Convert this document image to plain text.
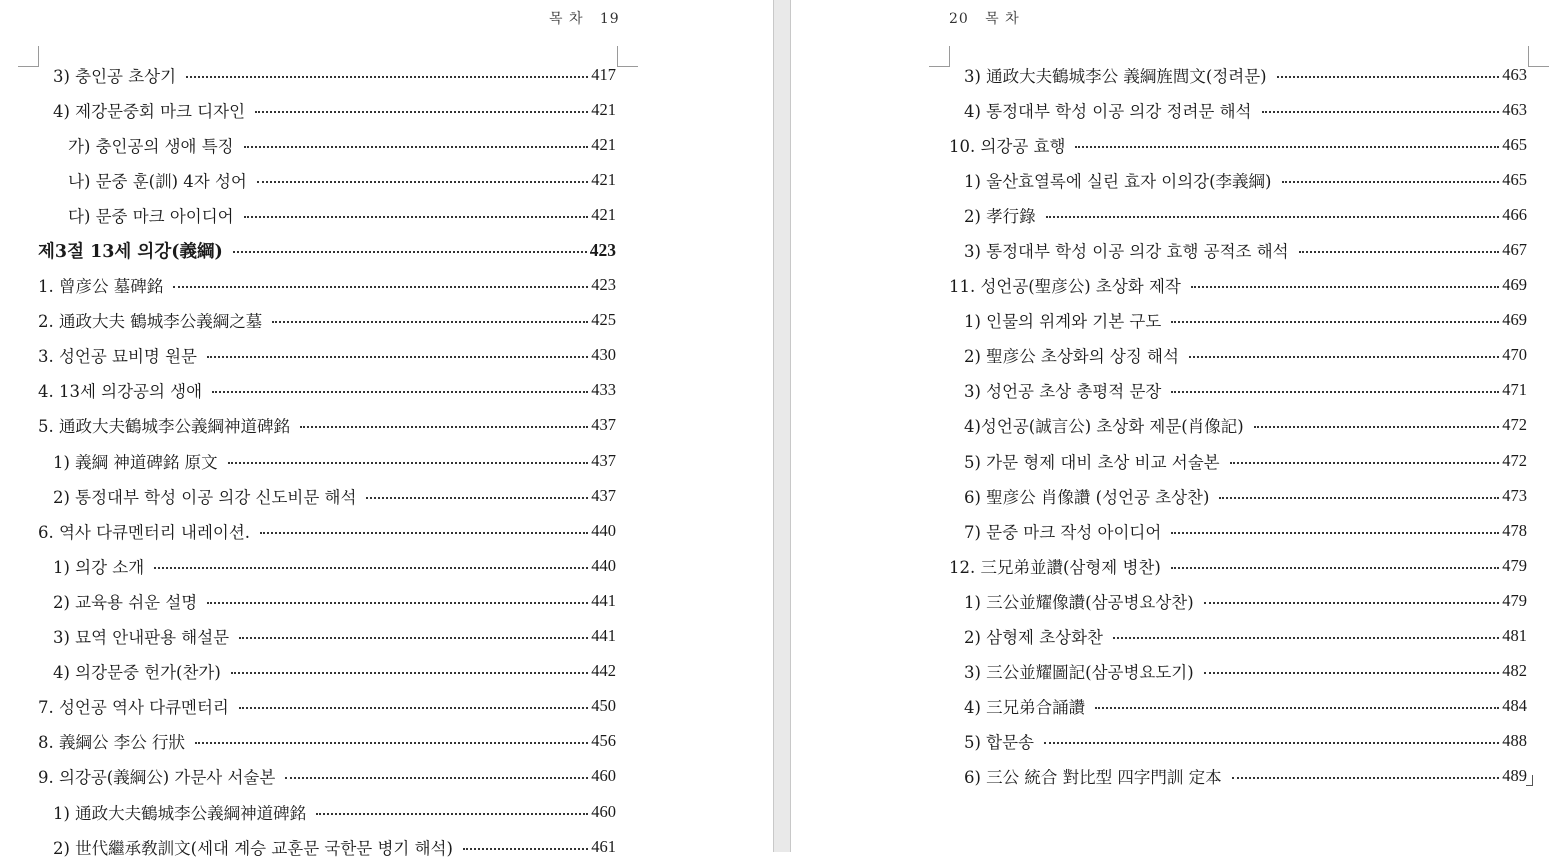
목 차   19
3) 충인공 초상기	417
4) 제강문중회 마크 디자인	421
가) 충인공의 생애 특징	421
나) 문중 훈(訓) 4자 성어	421
다) 문중 마크 아이디어	421
제3절 13세 의강(義綱)	423
1. 曾彦公 墓碑銘	423
2. 通政大夫 鶴城李公義綱之墓	425
3. 성언공 묘비명 원문	430
4. 13세 의강공의 생애	433
5. 通政大夫鶴城李公義綱神道碑銘	437
1) 義綱 神道碑銘 原文	437
2) 통정대부 학성 이공 의강 신도비문 해석	437
6. 역사 다큐멘터리 내레이션.	440
1) 의강 소개	440
2) 교육용 쉬운 설명	441
3) 묘역 안내판용 해설문	441
4) 의강문중 헌가(찬가)	442
7. 성언공 역사 다큐멘터리	450
8. 義綱公 李公 行狀	456
9. 의강공(義綱公) 가문사 서술본	460
1) 通政大夫鶴城李公義綱神道碑銘	460
2) 世代繼承敎訓文(세대 계승 교훈문 국한문 병기 해석)	461
20   목 차
3) 通政大夫鶴城李公 義綱旌閭文(정려문)	463
4) 통정대부 학성 이공 의강 정려문 해석	463
10. 의강공 효행	465
1) 울산효열록에 실린 효자 이의강(李義綱)	465
2) 孝行錄	466
3) 통정대부 학성 이공 의강 효행 공적조 해석	467
11. 성언공(聖彦公) 초상화 제작	469
1) 인물의 위계와 기본 구도	469
2) 聖彦公 초상화의 상징 해석	470
3) 성언공 초상 총평적 문장	471
4)성언공(誠言公) 초상화 제문(肖像記)	472
5) 가문 형제 대비 초상 비교 서술본	472
6) 聖彦公 肖像讚 (성언공 초상찬)	473
7) 문중 마크 작성 아이디어	478
12. 三兄弟並讚(삼형제 병찬)	479
1) 三公並耀像讚(삼공병요상찬)	479
2) 삼형제 초상화찬	481
3) 三公並耀圖記(삼공병요도기)	482
4) 三兄弟合誦讚	484
5) 합문송	488
6) 三公 統合 對比型 四字門訓 定本	489
